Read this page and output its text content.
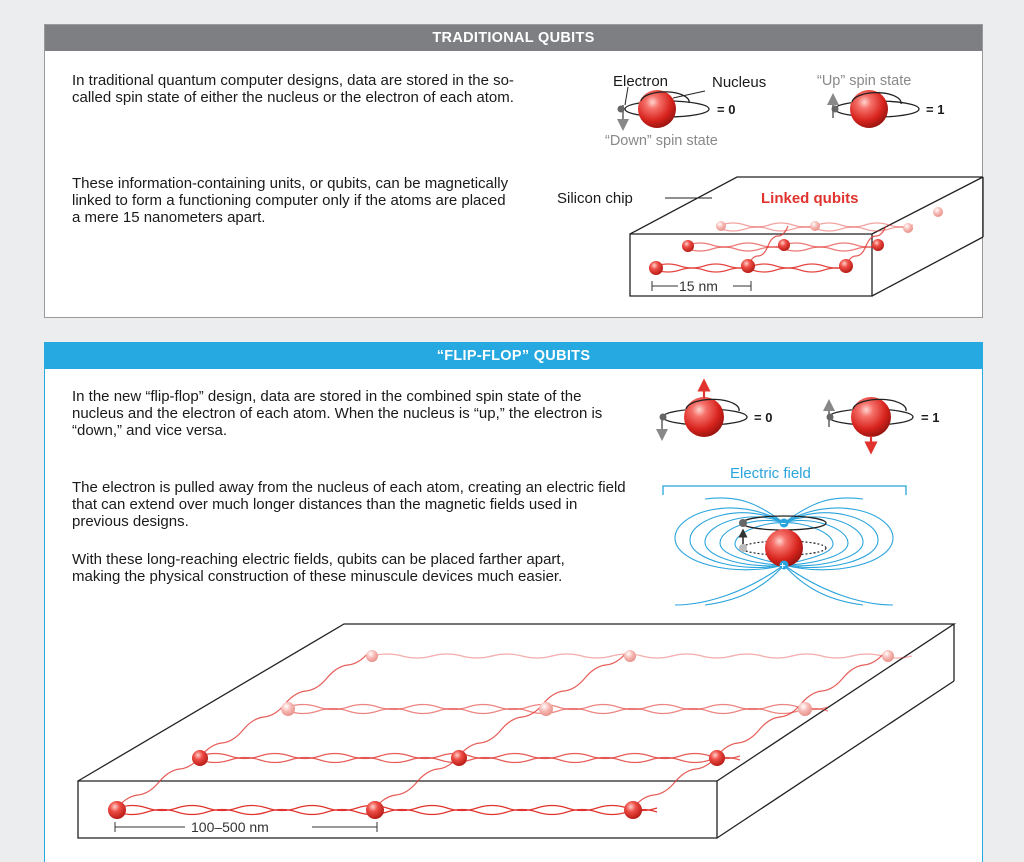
TRADITIONAL QUBITS

In traditional quantum computer designs, data are stored in the so-called spin state of either the nucleus or the electron of each atom.

These information-containing units, or qubits, can be magnetically linked to form a functioning computer only if the atoms are placed a mere 15 nanometers apart.

Electron	Nucleus
= 0
“Down” spin state
“Up” spin state
= 1
Silicon chip	Linked qubits
15 nm
“FLIP-FLOP” QUBITS

In the new “flip-flop” design, data are stored in the combined spin state of the nucleus and the electron of each atom. When the nucleus is “up,” the electron is “down,” and vice versa.

The electron is pulled away from the nucleus of each atom, creating an electric field that can extend over much longer distances than the magnetic fields used in previous designs.

With these long-reaching electric fields, qubits can be placed farther apart, making the physical construction of these minuscule devices much easier.

= 0	= 1
Electric field
−
+
100–500 nm
